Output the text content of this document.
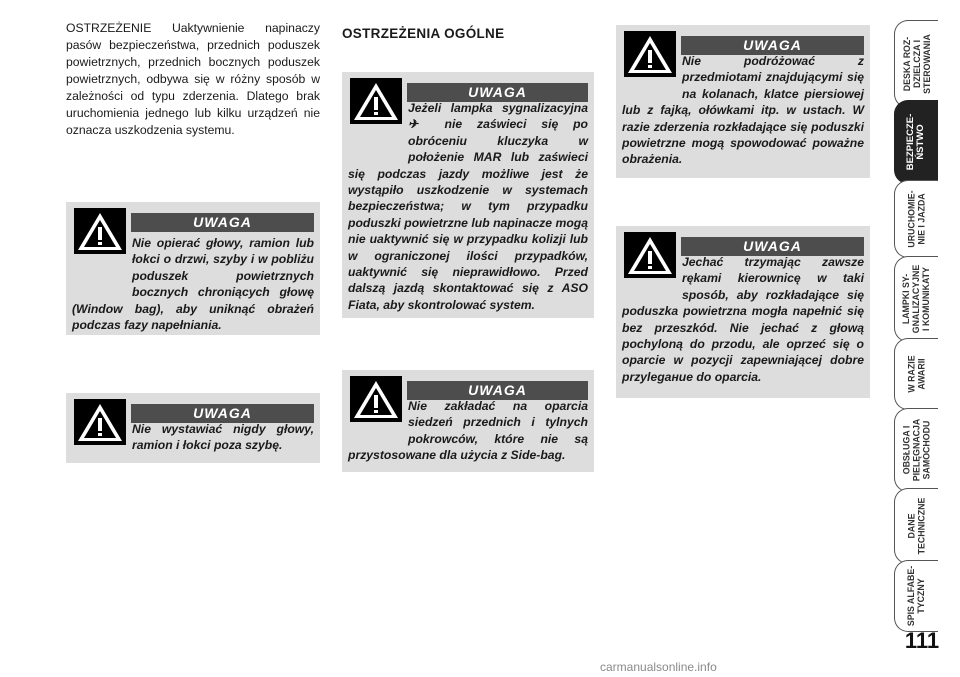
OSTRZEŻENIE Uaktywnienie napinaczy pasów bezpieczeństwa, przednich poduszek powietrznych, przednich bocznych poduszek powietrznych, odbywa się w różny sposób w zależności od typu zderzenia. Dlatego brak uruchomienia jednego lub kilku urządzeń nie oznacza uszkodzenia systemu.
OSTRZEŻENIA OGÓLNE
UWAGA
Nie opierać głowy, ramion lub łokci o drzwi, szyby i w pobliżu poduszek powietrznych bocznych chroniących głowę (Window bag), aby uniknąć obrażeń podczas fazy napełniania.
UWAGA
Nie wystawiać nigdy głowy, ramion i łokci poza szybę.
UWAGA
Jeżeli lampka sygnalizacyjna ✈ nie zaświeci się po obróceniu kluczyka w położenie MAR lub zaświeci się podczas jazdy możliwe jest że wystąpiło uszkodzenie w systemach bezpieczeństwa; w tym przypadku poduszki powietrzne lub napinacze mogą nie uaktywnić się w przypadku kolizji lub w ograniczonej ilości przypadków, uaktywnić się nieprawidłowo. Przed dalszą jazdą skontaktować się z ASO Fiata, aby skontrolować system.
UWAGA
Nie zakładać na oparcia siedzeń przednich i tylnych pokrowców, które nie są przystosowane dla użycia z Side-bag.
UWAGA
Nie podróżować z przedmiotami znajdującymi się na kolanach, klatce piersiowej lub z fajką, ołówkami itp. w ustach. W razie zderzenia rozkładające się poduszki powietrzne mogą spowodować poważne obrażenia.
UWAGA
Jechać trzymając zawsze rękami kierownicę w taki sposób, aby rozkładające się poduszka powietrzna mogła napełnić się bez przeszkód. Nie jechać z głową pochyloną do przodu, ale oprzeć się o oparcie w pozycji zapewniającej dobre przylegание do oparcia.
DESKA ROZ-
DZIELCZA I
STEROWANIA
BEZPIECZE-
ŃSTWO
URUCHOMIE-
NIE I JAZDA
LAMPKI SY-
GNALIZACYJNE
I KOMUNIKATY
W RAZIE
AWARII
OBSŁUGA I
PIELĘGNACJA
SAMOCHODU
DANE
TECHNICZNE
SPIS ALFABE-
TYCZNY
111
carmanualsonline.info
